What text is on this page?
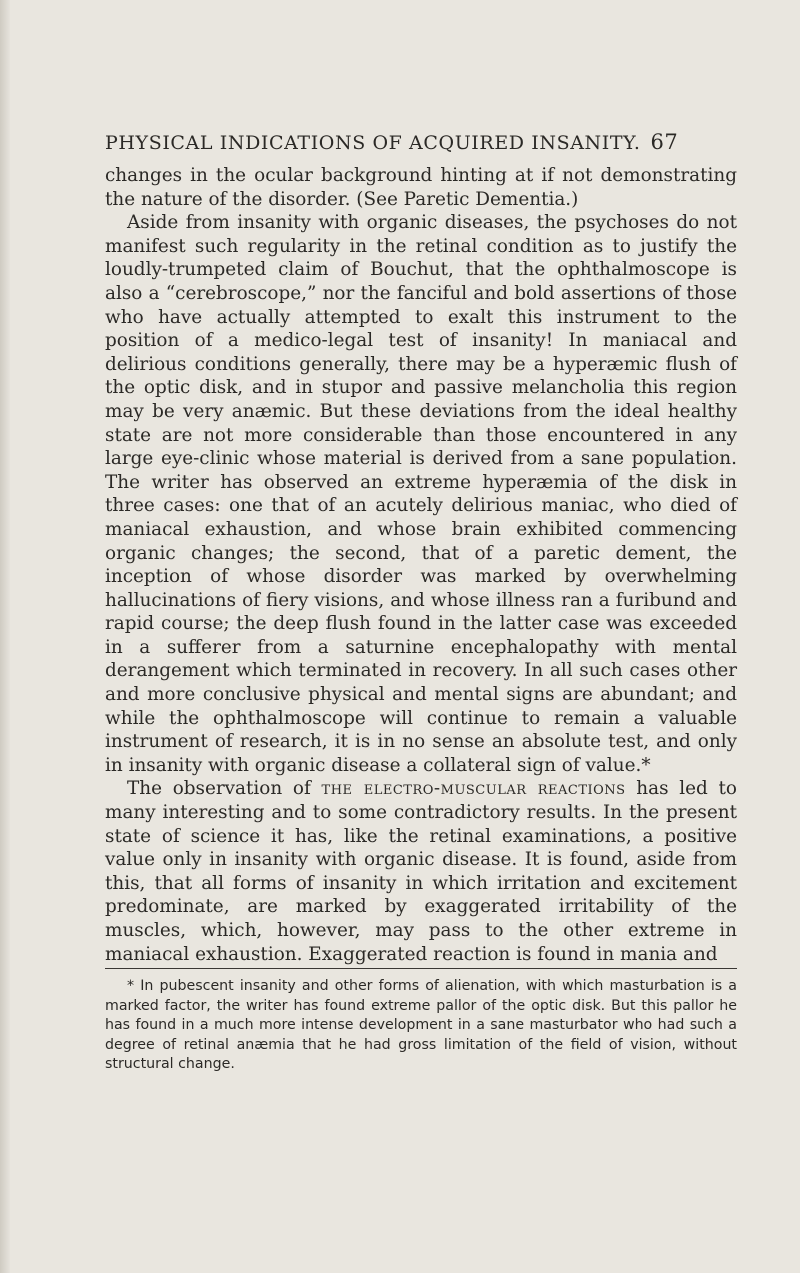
PHYSICAL INDICATIONS OF ACQUIRED INSANITY. 67

changes in the ocular background hinting at if not demonstrating the nature of the disorder. (See Paretic Dementia.)

Aside from insanity with organic diseases, the psychoses do not manifest such regularity in the retinal condition as to justify the loudly-trumpeted claim of Bouchut, that the ophthalmoscope is also a “cerebroscope,” nor the fanciful and bold assertions of those who have actually attempted to exalt this instrument to the position of a medico-legal test of insanity! In maniacal and delirious conditions generally, there may be a hyperæmic flush of the optic disk, and in stupor and passive melancholia this region may be very anæmic. But these deviations from the ideal healthy state are not more considerable than those encountered in any large eye-clinic whose material is derived from a sane population. The writer has observed an extreme hyperæmia of the disk in three cases: one that of an acutely delirious maniac, who died of maniacal exhaustion, and whose brain exhibited commencing organic changes; the second, that of a paretic dement, the inception of whose disorder was marked by overwhelming hallucinations of fiery visions, and whose illness ran a furibund and rapid course; the deep flush found in the latter case was exceeded in a sufferer from a saturnine encephalopathy with mental derangement which terminated in recovery. In all such cases other and more conclusive physical and mental signs are abundant; and while the ophthalmoscope will continue to remain a valuable instrument of research, it is in no sense an absolute test, and only in insanity with organic disease a collateral sign of value.*

The observation of the electro-muscular reactions has led to many interesting and to some contradictory results. In the present state of science it has, like the retinal examinations, a positive value only in insanity with organic disease. It is found, aside from this, that all forms of insanity in which irritation and excitement predominate, are marked by exaggerated irritability of the muscles, which, however, may pass to the other extreme in maniacal exhaustion. Exaggerated reaction is found in mania and

* In pubescent insanity and other forms of alienation, with which masturbation is a marked factor, the writer has found extreme pallor of the optic disk. But this pallor he has found in a much more intense development in a sane masturbator who had such a degree of retinal anæmia that he had gross limitation of the field of vision, without structural change.
